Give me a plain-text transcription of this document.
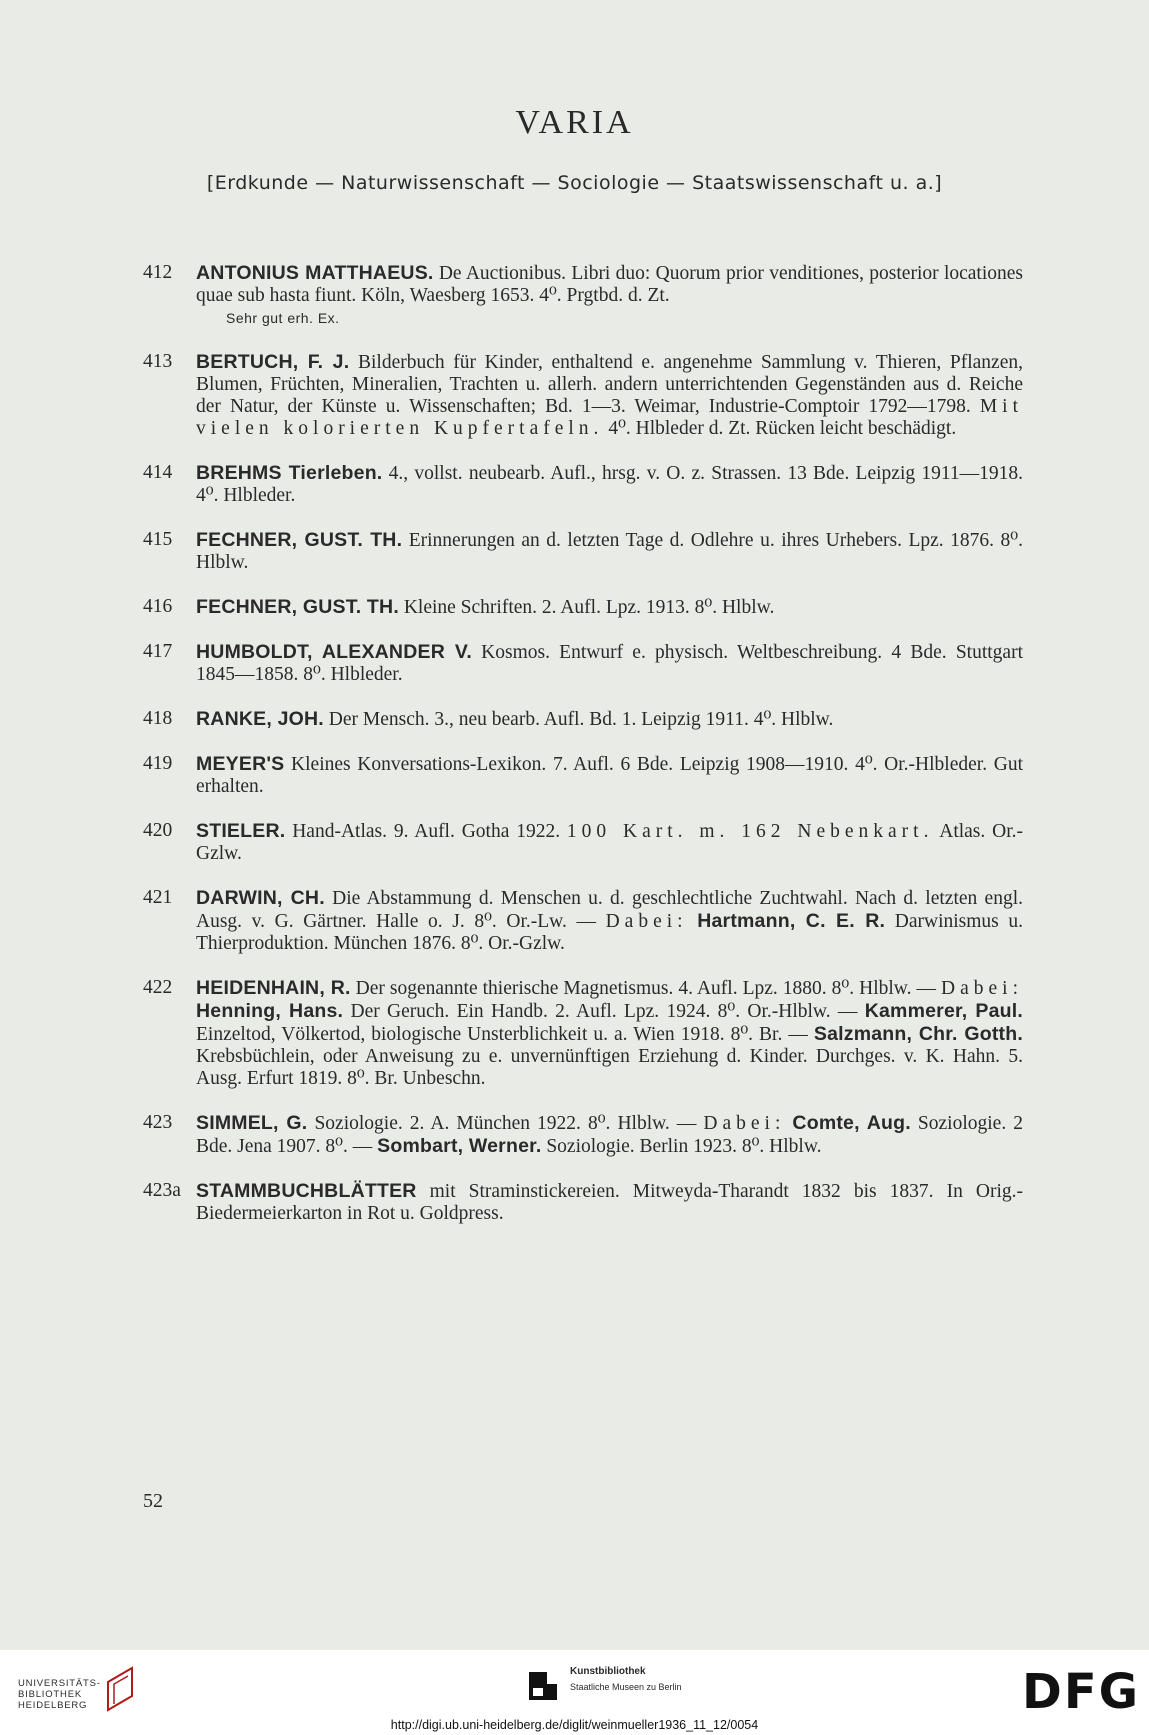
VARIA
[Erdkunde — Naturwissenschaft — Sociologie — Staatswissenschaft u. a.]
412	ANTONIUS MATTHAEUS. De Auctionibus. Libri duo: Quorum prior venditiones, posterior locationes quae sub hasta fiunt. Köln, Waesberg 1653. 4⁰. Prgtbd. d. Zt.
Sehr gut erh. Ex.
413	BERTUCH, F. J. Bilderbuch für Kinder, enthaltend e. angenehme Sammlung v. Thieren, Pflanzen, Blumen, Früchten, Mineralien, Trachten u. allerh. andern unterrichtenden Gegenständen aus d. Reiche der Natur, der Künste u. Wissenschaften; Bd. 1—3. Weimar, Industrie-Comptoir 1792—1798. Mit vielen kolorierten Kupfertafeln. 4⁰. Hlbleder d. Zt. Rücken leicht beschädigt.
414	BREHMS Tierleben. 4., vollst. neubearb. Aufl., hrsg. v. O. z. Strassen. 13 Bde. Leipzig 1911—1918. 4⁰. Hlbleder.
415	FECHNER, GUST. TH. Erinnerungen an d. letzten Tage d. Odlehre u. ihres Urhebers. Lpz. 1876. 8⁰. Hlblw.
416	FECHNER, GUST. TH. Kleine Schriften. 2. Aufl. Lpz. 1913. 8⁰. Hlblw.
417	HUMBOLDT, ALEXANDER V. Kosmos. Entwurf e. physisch. Weltbeschreibung. 4 Bde. Stuttgart 1845—1858. 8⁰. Hlbleder.
418	RANKE, JOH. Der Mensch. 3., neu bearb. Aufl. Bd. 1. Leipzig 1911. 4⁰. Hlblw.
419	MEYER'S Kleines Konversations-Lexikon. 7. Aufl. 6 Bde. Leipzig 1908—1910. 4⁰. Or.-Hlbleder. Gut erhalten.
420	STIELER. Hand-Atlas. 9. Aufl. Gotha 1922. 100 Kart. m. 162 Nebenkart. Atlas. Or.-Gzlw.
421	DARWIN, CH. Die Abstammung d. Menschen u. d. geschlechtliche Zuchtwahl. Nach d. letzten engl. Ausg. v. G. Gärtner. Halle o. J. 8⁰. Or.-Lw. — Dabei: Hartmann, C. E. R. Darwinismus u. Thierproduktion. München 1876. 8⁰. Or.-Gzlw.
422	HEIDENHAIN, R. Der sogenannte thierische Magnetismus. 4. Aufl. Lpz. 1880. 8⁰. Hlblw. — Dabei: Henning, Hans. Der Geruch. Ein Handb. 2. Aufl. Lpz. 1924. 8⁰. Or.-Hlblw. — Kammerer, Paul. Einzeltod, Völkertod, biologische Unsterblichkeit u. a. Wien 1918. 8⁰. Br. — Salzmann, Chr. Gotth. Krebsbüchlein, oder Anweisung zu e. unvernünftigen Erziehung d. Kinder. Durchges. v. K. Hahn. 5. Ausg. Erfurt 1819. 8⁰. Br. Unbeschn.
423	SIMMEL, G. Soziologie. 2. A. München 1922. 8⁰. Hlblw. — Dabei: Comte, Aug. Soziologie. 2 Bde. Jena 1907. 8⁰. — Sombart, Werner. Soziologie. Berlin 1923. 8⁰. Hlblw.
423a STAMMBUCHBLÄTTER mit Straminstickereien. Mitweyda-Tharandt 1832 bis 1837. In Orig.-Biedermeierkarton in Rot u. Goldpress.
52
UNIVERSITÄTS-
BIBLIOTHEK
HEIDELBERG
Kunstbibliothek
Staatliche Museen zu Berlin	DFG
http://digi.ub.uni-heidelberg.de/diglit/weinmueller1936_11_12/0054
